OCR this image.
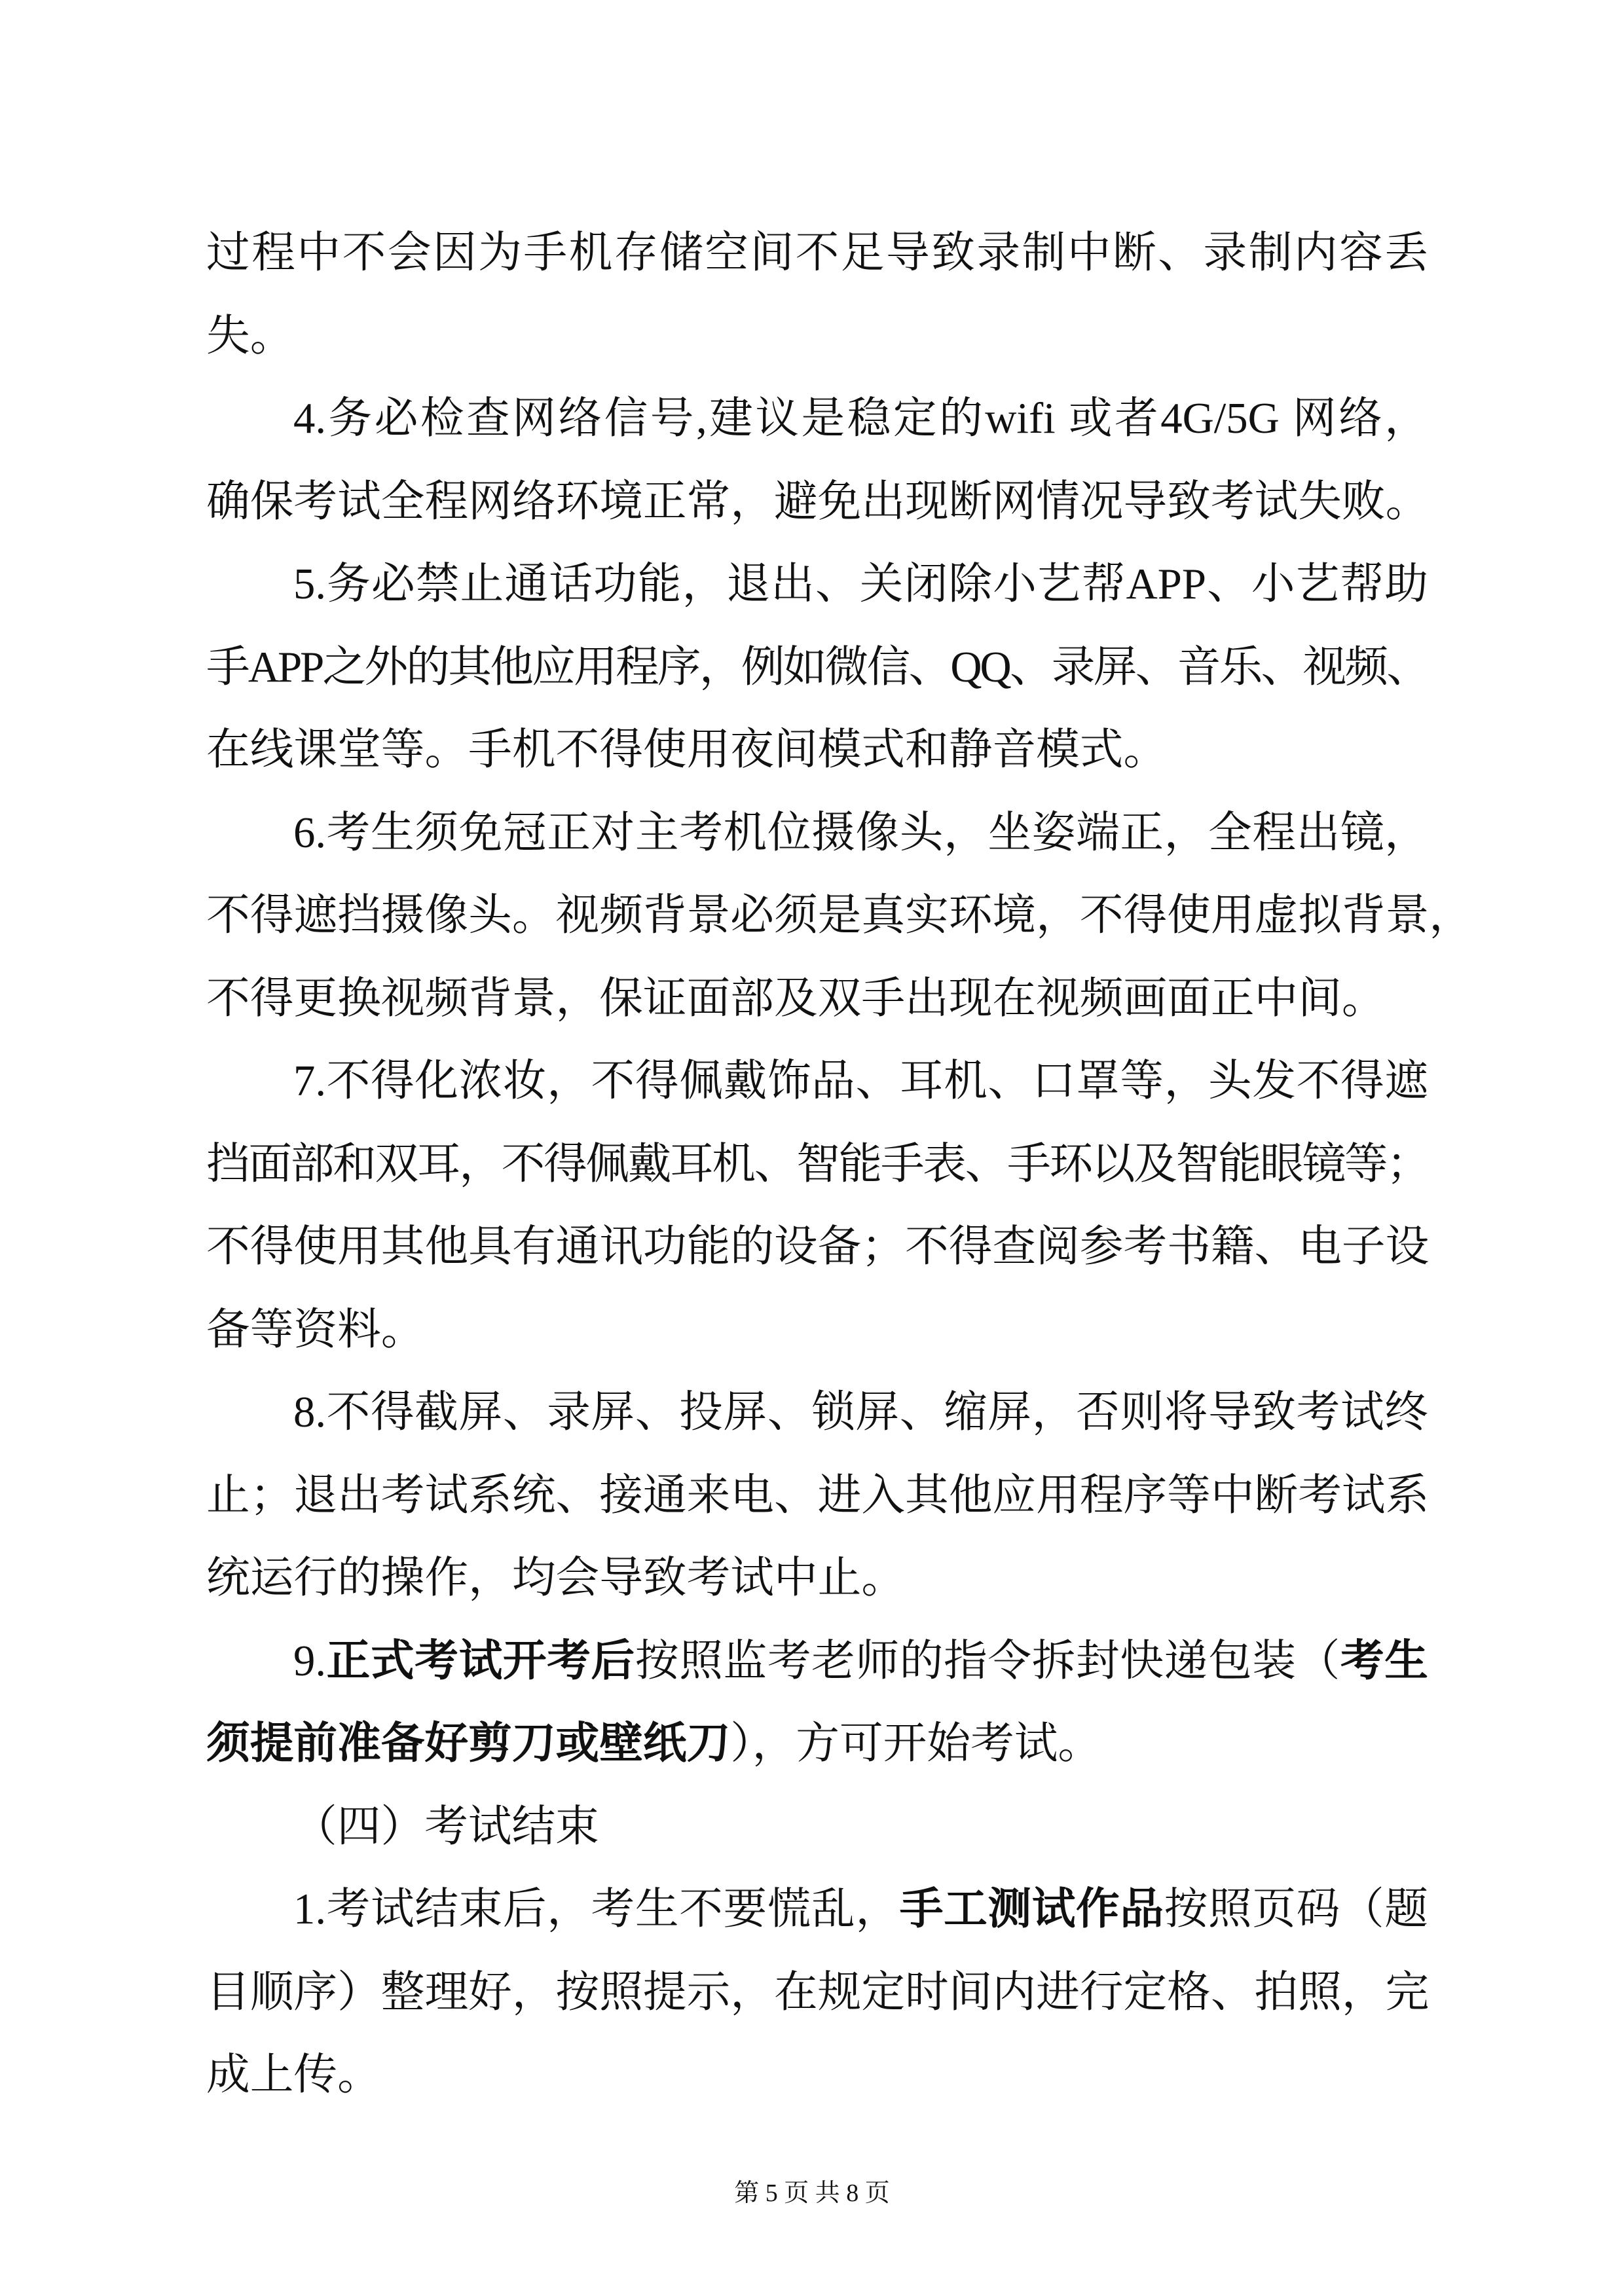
过程中不会因为手机存储空间不足导致录制中断、录制内容丢
失。
4.务必检查网络信号,建议是稳定的wifi 或者4G/5G 网络，
确保考试全程网络环境正常，避免出现断网情况导致考试失败。
5.务必禁止通话功能，退出、关闭除小艺帮APP、小艺帮助
手APP之外的其他应用程序，例如微信、QQ、录屏、音乐、视频、
在线课堂等。手机不得使用夜间模式和静音模式。
6.考生须免冠正对主考机位摄像头，坐姿端正，全程出镜，
不得遮挡摄像头。视频背景必须是真实环境，不得使用虚拟背景，
不得更换视频背景，保证面部及双手出现在视频画面正中间。
7.不得化浓妆，不得佩戴饰品、耳机、口罩等，头发不得遮
挡面部和双耳，不得佩戴耳机、智能手表、手环以及智能眼镜等；
不得使用其他具有通讯功能的设备；不得查阅参考书籍、电子设
备等资料。
8.不得截屏、录屏、投屏、锁屏、缩屏，否则将导致考试终
止；退出考试系统、接通来电、进入其他应用程序等中断考试系
统运行的操作，均会导致考试中止。
9.正式考试开考后按照监考老师的指令拆封快递包装（考生
须提前准备好剪刀或壁纸刀），方可开始考试。
（四）考试结束
1.考试结束后，考生不要慌乱，手工测试作品按照页码（题
目顺序）整理好，按照提示，在规定时间内进行定格、拍照，完
成上传。
第 5 页 共 8 页
